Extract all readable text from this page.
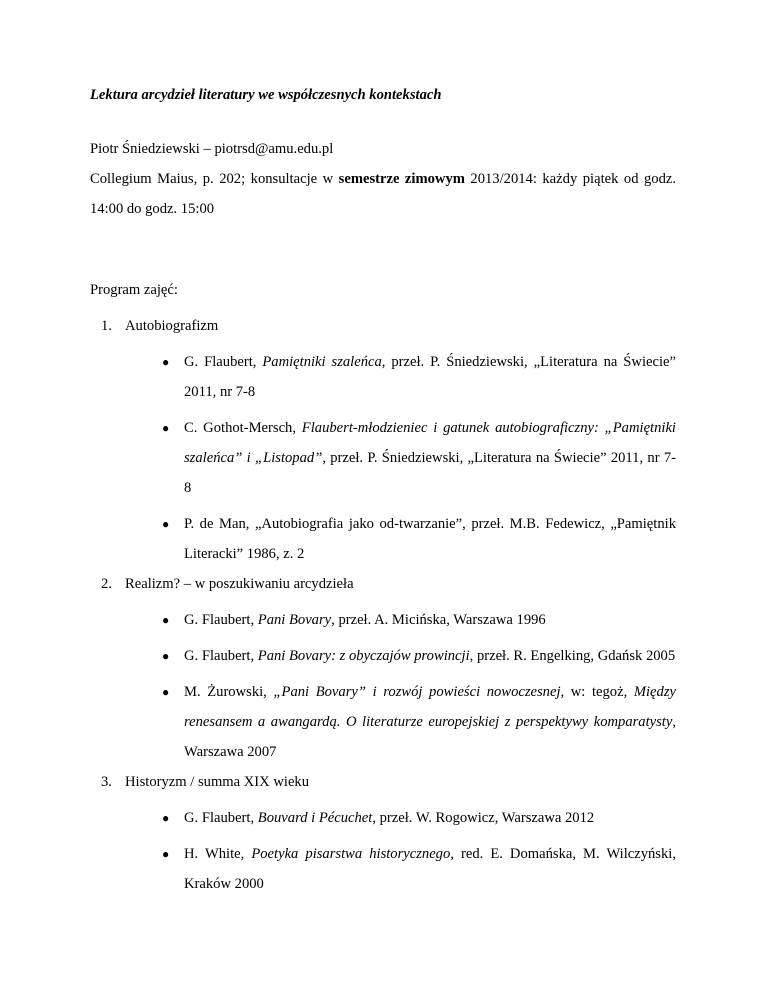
Lektura arcydzieł literatury we współczesnych kontekstach
Piotr Śniedziewski – piotrsd@amu.edu.pl
Collegium Maius, p. 202; konsultacje w semestrze zimowym 2013/2014: każdy piątek od godz. 14:00 do godz. 15:00
Program zajęć:
1. Autobiografizm
● G. Flaubert, Pamiętniki szaleńca, przeł. P. Śniedziewski, „Literatura na Świecie” 2011, nr 7-8
● C. Gothot-Mersch, Flaubert-młodzieniec i gatunek autobiograficzny: „Pamiętniki szaleńca” i „Listopad”, przeł. P. Śniedziewski, „Literatura na Świecie” 2011, nr 7-8
● P. de Man, „Autobiografia jako od-twarzanie”, przeł. M.B. Fedewicz, „Pamiętnik Literacki” 1986, z. 2
2. Realizm? – w poszukiwaniu arcydzieła
● G. Flaubert, Pani Bovary, przeł. A. Micińska, Warszawa 1996
● G. Flaubert, Pani Bovary: z obyczajów prowincji, przeł. R. Engelking, Gdańsk 2005
● M. Żurowski, „Pani Bovary” i rozwój powieści nowoczesnej, w: tegoż, Między renesansem a awangardą. O literaturze europejskiej z perspektywy komparatysty, Warszawa 2007
3. Historyzm / summa XIX wieku
● G. Flaubert, Bouvard i Pécuchet, przeł. W. Rogowicz, Warszawa 2012
● H. White, Poetyka pisarstwa historycznego, red. E. Domańska, M. Wilczyński, Kraków 2000
